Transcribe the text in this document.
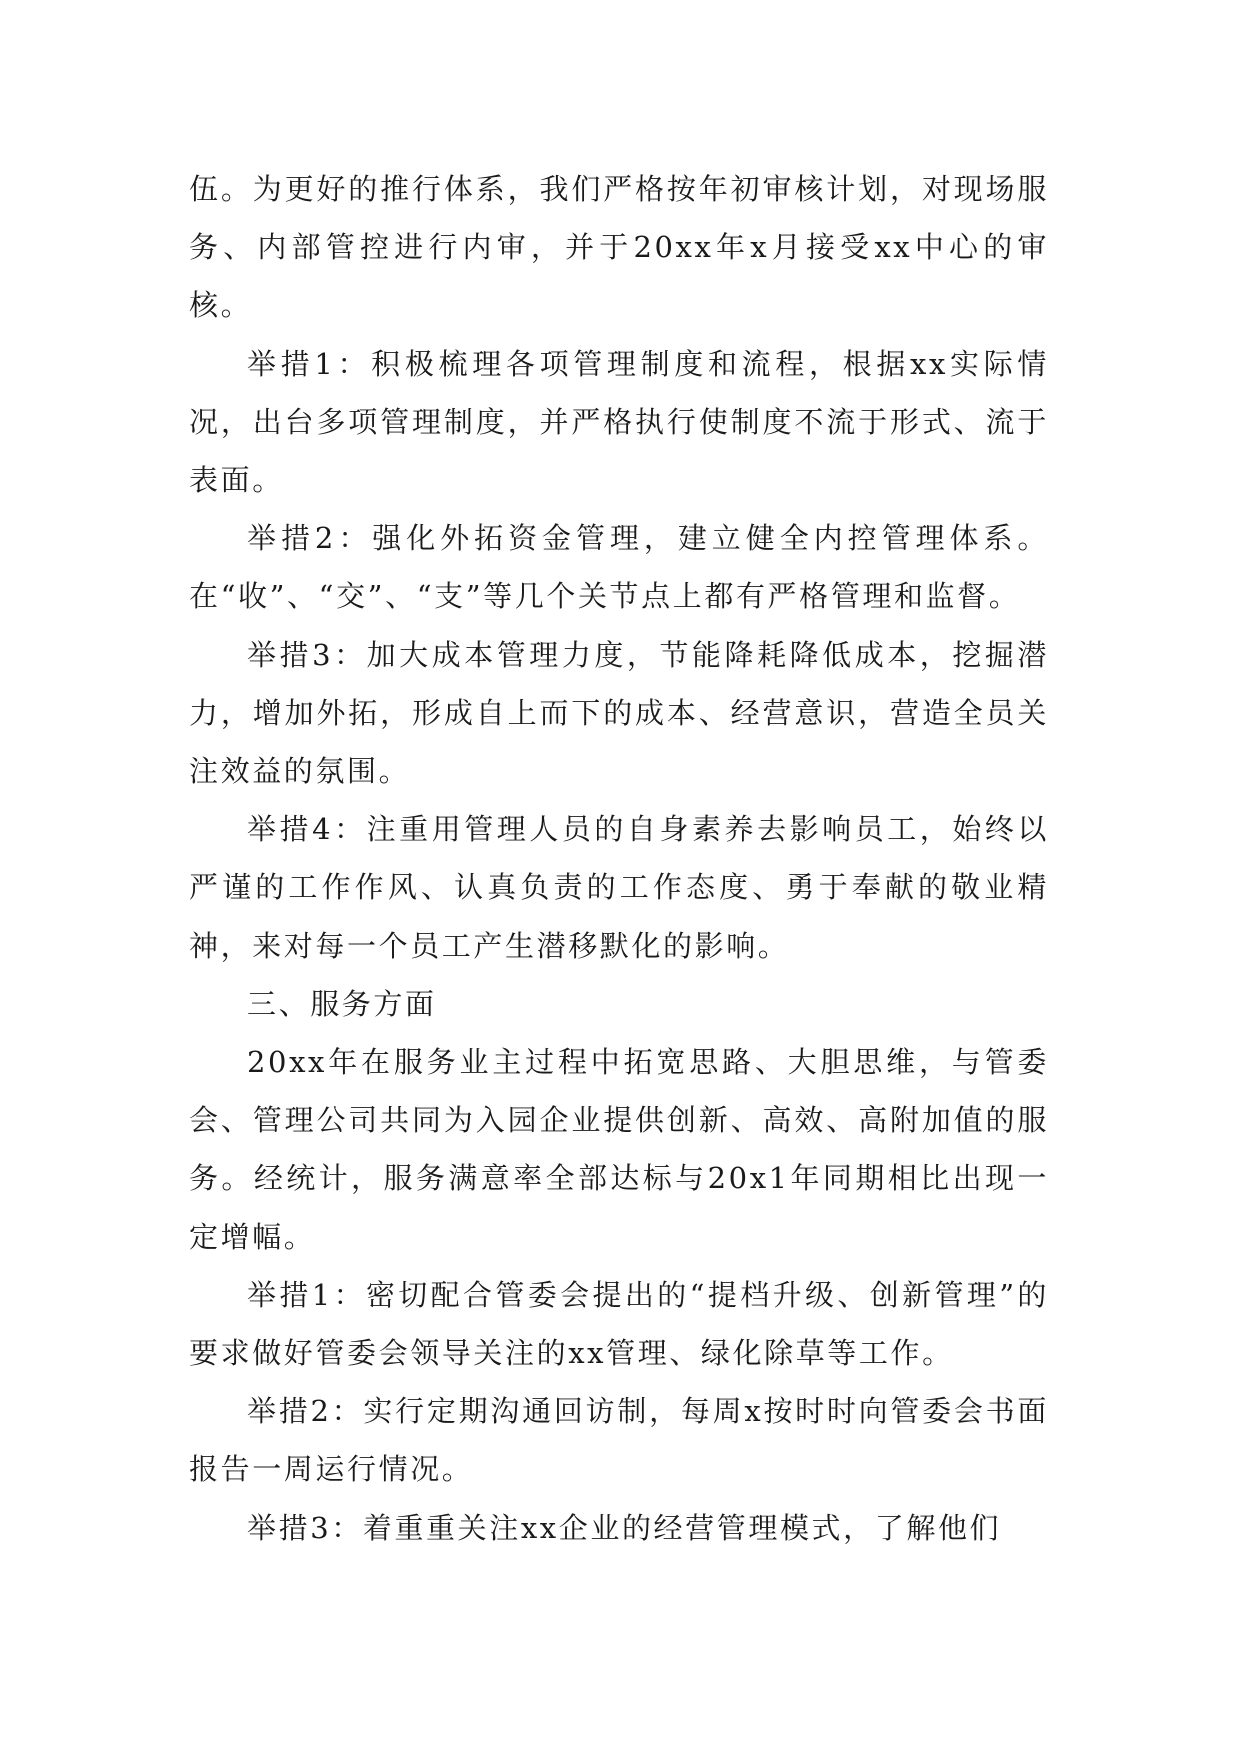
伍。为更好的推行体系，我们严格按年初审核计划，对现场服务、内部管控进行内审，并于20xx年x月接受xx中心的审核。

举措1：积极梳理各项管理制度和流程，根据xx实际情况，出台多项管理制度，并严格执行使制度不流于形式、流于表面。

举措2：强化外拓资金管理，建立健全内控管理体系。在“收”、“交”、“支”等几个关节点上都有严格管理和监督。

举措3：加大成本管理力度，节能降耗降低成本，挖掘潜力，增加外拓，形成自上而下的成本、经营意识，营造全员关注效益的氛围。

举措4：注重用管理人员的自身素养去影响员工，始终以严谨的工作作风、认真负责的工作态度、勇于奉献的敬业精神，来对每一个员工产生潜移默化的影响。

三、服务方面

20xx年在服务业主过程中拓宽思路、大胆思维，与管委会、管理公司共同为入园企业提供创新、高效、高附加值的服务。经统计，服务满意率全部达标与20x1年同期相比出现一定增幅。

举措1：密切配合管委会提出的“提档升级、创新管理”的要求做好管委会领导关注的xx管理、绿化除草等工作。

举措2：实行定期沟通回访制，每周x按时时向管委会书面报告一周运行情况。

举措3：着重重关注xx企业的经营管理模式，了解他们
